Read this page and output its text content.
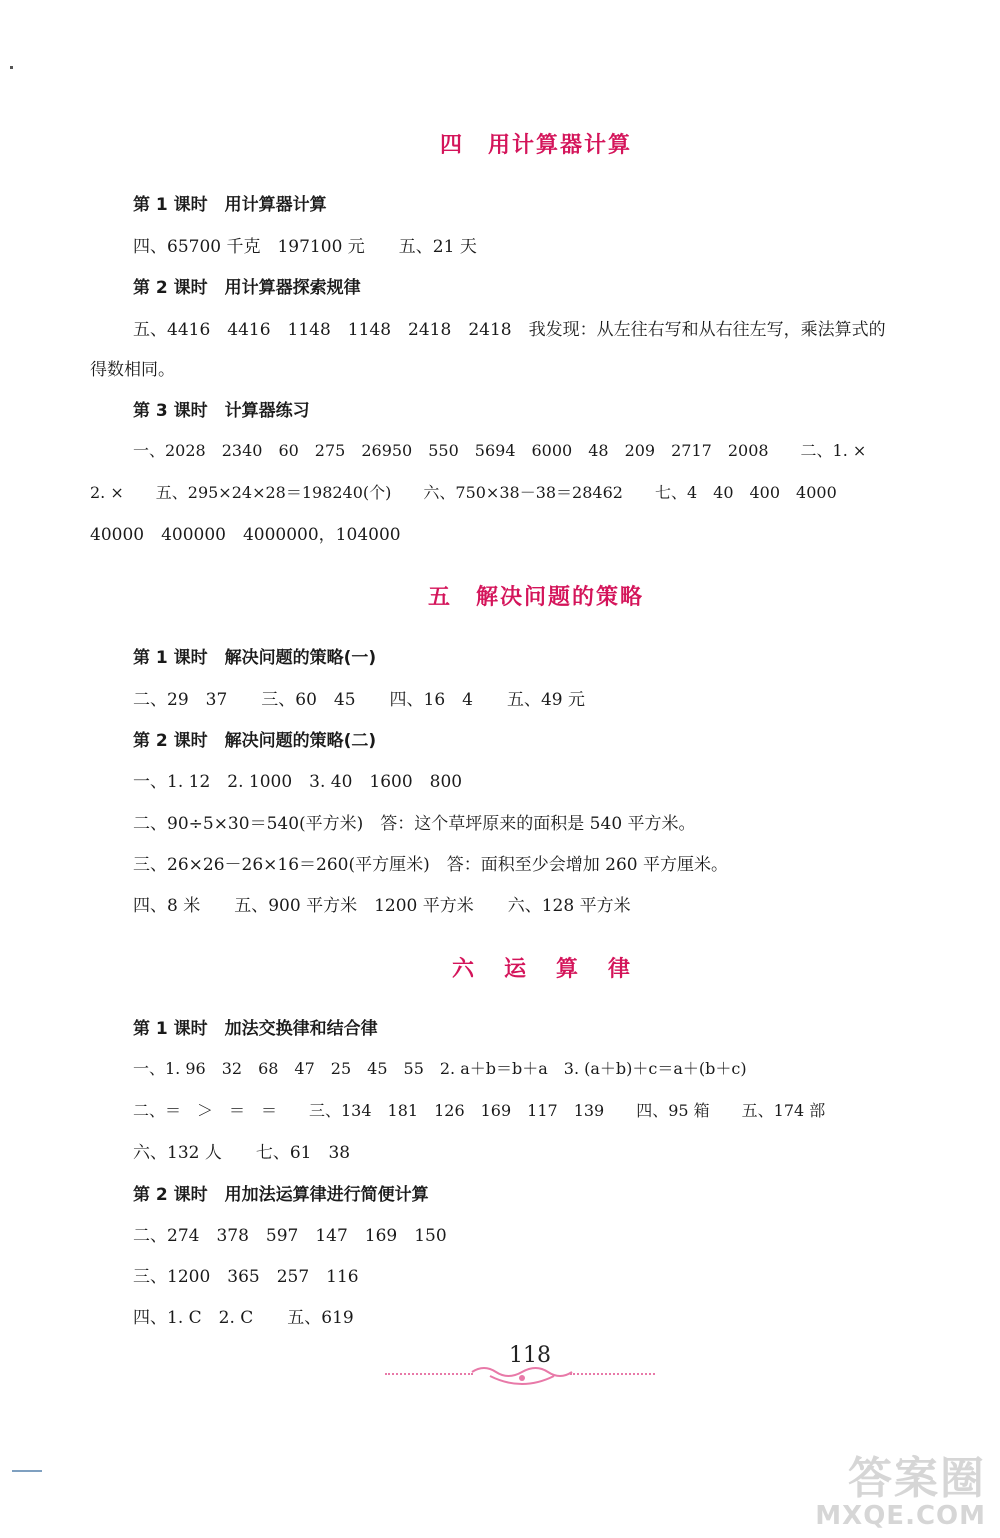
四　用计算器计算
第 1 课时　用计算器计算
四、65700 千克　197100 元　　五、21 天
第 2 课时　用计算器探索规律
五、4416　4416　1148　1148　2418　2418　我发现：从左往右写和从右往左写，乘法算式的
得数相同。
第 3 课时　计算器练习
一、2028　2340　60　275　26950　550　5694　6000　48　209　2717　2008　　二、1. ×
2. ×　　五、295×24×28＝198240(个)　　六、750×38－38＝28462　　七、4　40　400　4000
40000　400000　4000000，104000
五　解决问题的策略
第 1 课时　解决问题的策略(一)
二、29　37　　三、60　45　　四、16　4　　五、49 元
第 2 课时　解决问题的策略(二)
一、1. 12　2. 1000　3. 40　1600　800
二、90÷5×30＝540(平方米)　答：这个草坪原来的面积是 540 平方米。
三、26×26－26×16＝260(平方厘米)　答：面积至少会增加 260 平方厘米。
四、8 米　　五、900 平方米　1200 平方米　　六、128 平方米
六　运　算　律
第 1 课时　加法交换律和结合律
一、1. 96　32　68　47　25　45　55　2. a＋b＝b＋a　3. (a＋b)＋c＝a＋(b＋c)
二、＝　＞　＝　＝　　三、134　181　126　169　117　139　　四、95 箱　　五、174 部
六、132 人　　七、61　38
第 2 课时　用加法运算律进行简便计算
二、274　378　597　147　169　150
三、1200　365　257　116
四、1. C　2. C　　五、619
118
答案圈
MXQE.COM
